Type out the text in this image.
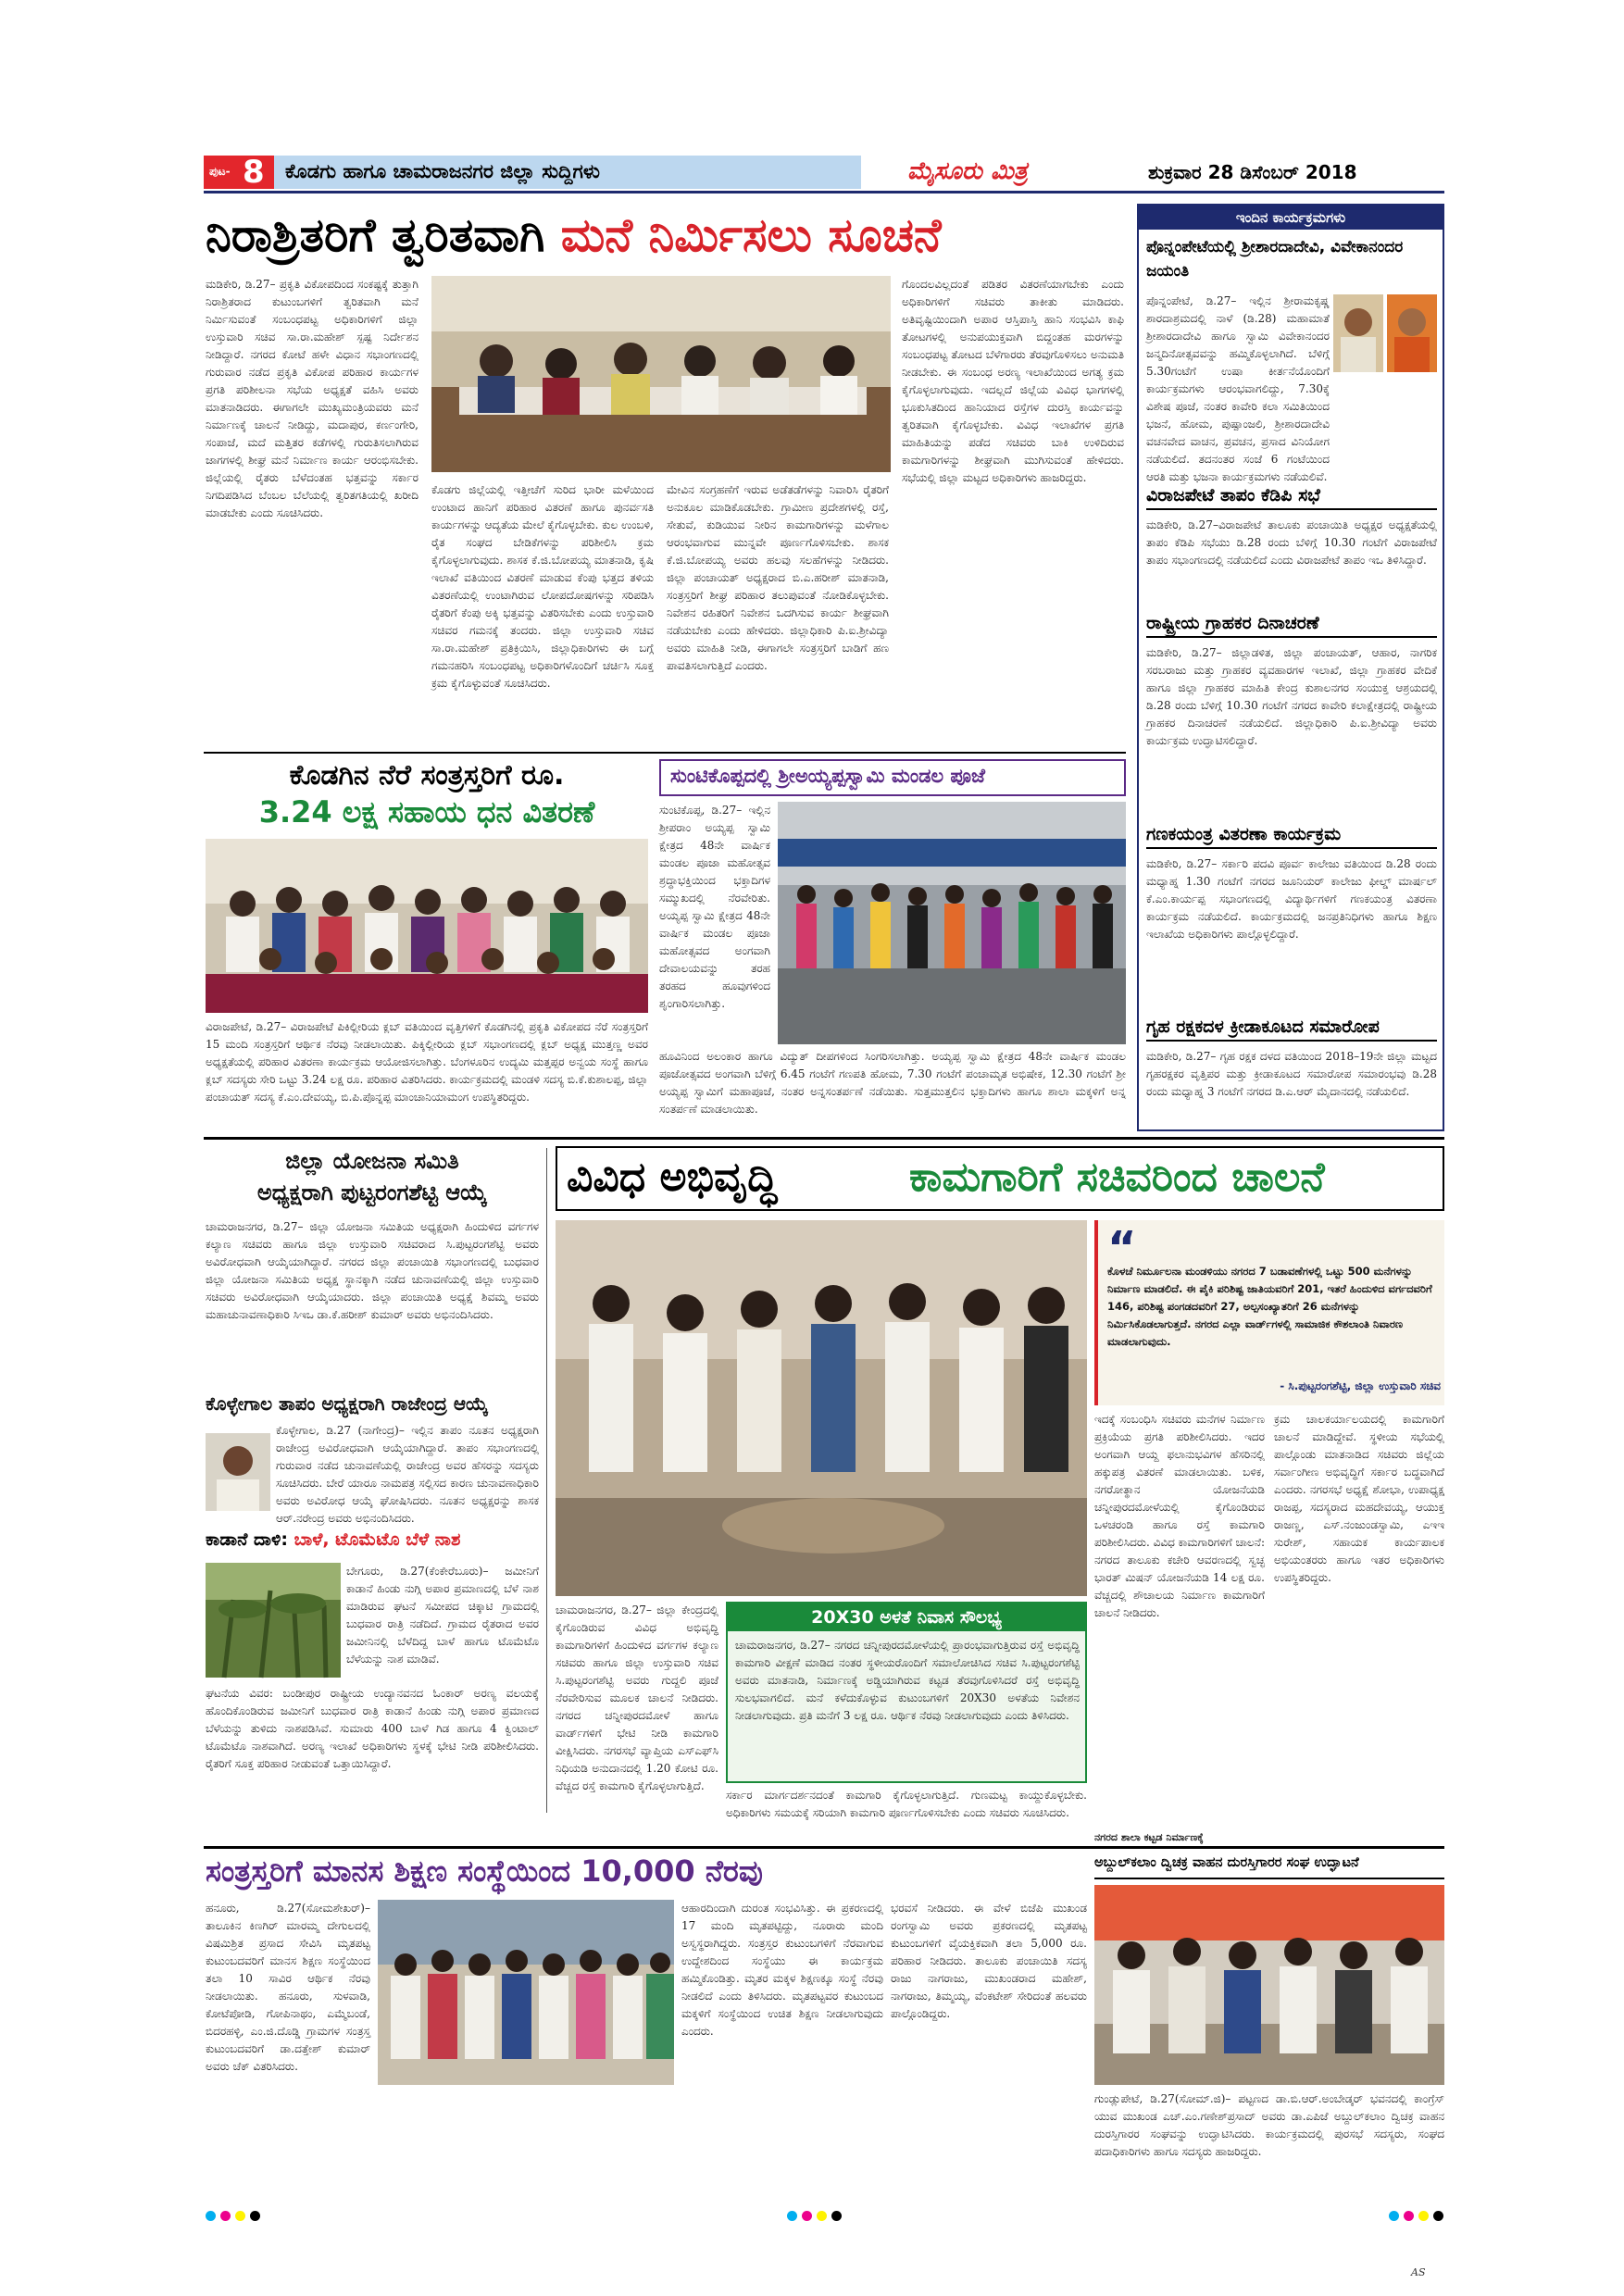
ಪುಟ- 8 ಕೊಡಗು ಹಾಗೂ ಚಾಮರಾಜನಗರ ಜಿಲ್ಲಾ ಸುದ್ದಿಗಳು	ಮೈಸೂರು ಮಿತ್ರ	ಶುಕ್ರವಾರ 28 ಡಿಸೆಂಬರ್ 2018
ನಿರಾಶ್ರಿತರಿಗೆ ತ್ವರಿತವಾಗಿ ಮನೆ ನಿರ್ಮಿಸಲು ಸೂಚನೆ
ಮಡಿಕೇರಿ, ಡಿ.27– ಪ್ರಕೃತಿ ವಿಕೋಪದಿಂದ ಸಂಕಷ್ಟಕ್ಕೆ ತುತ್ತಾಗಿ ನಿರಾಶ್ರಿತರಾದ ಕುಟುಂಬಗಳಿಗೆ ತ್ವರಿತವಾಗಿ ಮನೆ ನಿರ್ಮಿಸುವಂತೆ ಸಂಬಂಧಪಟ್ಟ ಅಧಿಕಾರಿಗಳಿಗೆ ಜಿಲ್ಲಾ ಉಸ್ತುವಾರಿ ಸಚಿವ ಸಾ.ರಾ.ಮಹೇಶ್ ಸ್ಪಷ್ಟ ನಿರ್ದೇಶನ ನೀಡಿದ್ದಾರೆ. ನಗರದ ಕೋಟೆ ಹಳೇ ವಿಧಾನ ಸಭಾಂಗಣದಲ್ಲಿ ಗುರುವಾರ ನಡೆದ ಪ್ರಕೃತಿ ವಿಕೋಪ ಪರಿಹಾರ ಕಾರ್ಯಗಳ ಪ್ರಗತಿ ಪರಿಶೀಲನಾ ಸಭೆಯ ಅಧ್ಯಕ್ಷತೆ ವಹಿಸಿ ಅವರು ಮಾತನಾಡಿದರು. ಈಗಾಗಲೇ ಮುಖ್ಯಮಂತ್ರಿಯವರು ಮನೆ ನಿರ್ಮಾಣಕ್ಕೆ ಚಾಲನೆ ನೀಡಿದ್ದು, ಮದಾಪುರ, ಕರ್ಣಂಗೇರಿ, ಸಂಪಾಜೆ, ಮದೆ ಮತ್ತಿತರ ಕಡೆಗಳಲ್ಲಿ ಗುರುತಿಸಲಾಗಿರುವ ಜಾಗಗಳಲ್ಲಿ ಶೀಘ್ರ ಮನೆ ನಿರ್ಮಾಣ ಕಾರ್ಯ ಆರಂಭಿಸಬೇಕು. ಜಿಲ್ಲೆಯಲ್ಲಿ ರೈತರು ಬೆಳೆದಂತಹ ಭತ್ತವನ್ನು ಸರ್ಕಾರ ನಿಗದಿಪಡಿಸಿದ ಬೆಂಬಲ ಬೆಲೆಯಲ್ಲಿ ತ್ವರಿತಗತಿಯಲ್ಲಿ ಖರೀದಿ ಮಾಡಬೇಕು ಎಂದು ಸೂಚಿಸಿದರು.
ಕೊಡಗು ಜಿಲ್ಲೆಯಲ್ಲಿ ಇತ್ತೀಚೆಗೆ ಸುರಿದ ಭಾರೀ ಮಳೆಯಿಂದ ಉಂಟಾದ ಹಾನಿಗೆ ಪರಿಹಾರ ವಿತರಣೆ ಹಾಗೂ ಪುನರ್ವಸತಿ ಕಾರ್ಯಗಳನ್ನು ಆದ್ಯತೆಯ ಮೇಲೆ ಕೈಗೊಳ್ಳಬೇಕು. ಕುಲ ಉಂಬಳಿ, ರೈತ ಸಂಘದ ಬೇಡಿಕೆಗಳನ್ನು ಪರಿಶೀಲಿಸಿ ಕ್ರಮ ಕೈಗೊಳ್ಳಲಾಗುವುದು. ಶಾಸಕ ಕೆ.ಜಿ.ಬೋಪಯ್ಯ ಮಾತನಾಡಿ, ಕೃಷಿ ಇಲಾಖೆ ವತಿಯಿಂದ ವಿತರಣೆ ಮಾಡುವ ಕೆಂಪು ಭತ್ತದ ತಳಿಯ ವಿತರಣೆಯಲ್ಲಿ ಉಂಟಾಗಿರುವ ಲೋಪದೋಷಗಳನ್ನು ಸರಿಪಡಿಸಿ ರೈತರಿಗೆ ಕೆಂಪು ಅಕ್ಕಿ ಭತ್ತವನ್ನು ವಿತರಿಸಬೇಕು ಎಂದು ಉಸ್ತುವಾರಿ ಸಚಿವರ ಗಮನಕ್ಕೆ ತಂದರು. ಜಿಲ್ಲಾ ಉಸ್ತುವಾರಿ ಸಚಿವ ಸಾ.ರಾ.ಮಹೇಶ್ ಪ್ರತಿಕ್ರಿಯಿಸಿ, ಜಿಲ್ಲಾಧಿಕಾರಿಗಳು ಈ ಬಗ್ಗೆ ಗಮನಹರಿಸಿ ಸಂಬಂಧಪಟ್ಟ ಅಧಿಕಾರಿಗಳೊಂದಿಗೆ ಚರ್ಚಿಸಿ ಸೂಕ್ತ ಕ್ರಮ ಕೈಗೊಳ್ಳುವಂತೆ ಸೂಚಿಸಿದರು.
ಮೇವಿನ ಸಂಗ್ರಹಣೆಗೆ ಇರುವ ಅಡೆತಡೆಗಳನ್ನು ನಿವಾರಿಸಿ ರೈತರಿಗೆ ಅನುಕೂಲ ಮಾಡಿಕೊಡಬೇಕು. ಗ್ರಾಮೀಣ ಪ್ರದೇಶಗಳಲ್ಲಿ ರಸ್ತೆ, ಸೇತುವೆ, ಕುಡಿಯುವ ನೀರಿನ ಕಾಮಗಾರಿಗಳನ್ನು ಮಳೆಗಾಲ ಆರಂಭವಾಗುವ ಮುನ್ನವೇ ಪೂರ್ಣಗೊಳಿಸಬೇಕು. ಶಾಸಕ ಕೆ.ಜಿ.ಬೋಪಯ್ಯ ಅವರು ಹಲವು ಸಲಹೆಗಳನ್ನು ನೀಡಿದರು. ಜಿಲ್ಲಾ ಪಂಚಾಯತ್ ಅಧ್ಯಕ್ಷರಾದ ಬಿ.ಎ.ಹರೀಶ್ ಮಾತನಾಡಿ, ಸಂತ್ರಸ್ತರಿಗೆ ಶೀಘ್ರ ಪರಿಹಾರ ತಲುಪುವಂತೆ ನೋಡಿಕೊಳ್ಳಬೇಕು. ನಿವೇಶನ ರಹಿತರಿಗೆ ನಿವೇಶನ ಒದಗಿಸುವ ಕಾರ್ಯ ಶೀಘ್ರವಾಗಿ ನಡೆಯಬೇಕು ಎಂದು ಹೇಳಿದರು. ಜಿಲ್ಲಾಧಿಕಾರಿ ಪಿ.ಐ.ಶ್ರೀವಿದ್ಯಾ ಅವರು ಮಾಹಿತಿ ನೀಡಿ, ಈಗಾಗಲೇ ಸಂತ್ರಸ್ತರಿಗೆ ಬಾಡಿಗೆ ಹಣ ಪಾವತಿಸಲಾಗುತ್ತಿದೆ ಎಂದರು.
ಗೊಂದಲವಿಲ್ಲದಂತೆ ಪಡಿತರ ವಿತರಣೆಯಾಗಬೇಕು ಎಂದು ಅಧಿಕಾರಿಗಳಿಗೆ ಸಚಿವರು ತಾಕೀತು ಮಾಡಿದರು. ಅತಿವೃಷ್ಟಿಯಿಂದಾಗಿ ಅಪಾರ ಆಸ್ತಿಪಾಸ್ತಿ ಹಾನಿ ಸಂಭವಿಸಿ ಕಾಫಿ ತೋಟಗಳಲ್ಲಿ ಅನುಪಯುಕ್ತವಾಗಿ ಬಿದ್ದಂತಹ ಮರಗಳನ್ನು ಸಂಬಂಧಪಟ್ಟ ತೋಟದ ಬೆಳೆಗಾರರು ತೆರವುಗೊಳಿಸಲು ಅನುಮತಿ ನೀಡಬೇಕು. ಈ ಸಂಬಂಧ ಅರಣ್ಯ ಇಲಾಖೆಯಿಂದ ಅಗತ್ಯ ಕ್ರಮ ಕೈಗೊಳ್ಳಲಾಗುವುದು. ಇದಲ್ಲದೆ ಜಿಲ್ಲೆಯ ವಿವಿಧ ಭಾಗಗಳಲ್ಲಿ ಭೂಕುಸಿತದಿಂದ ಹಾನಿಯಾದ ರಸ್ತೆಗಳ ದುರಸ್ತಿ ಕಾರ್ಯವನ್ನು ತ್ವರಿತವಾಗಿ ಕೈಗೊಳ್ಳಬೇಕು. ವಿವಿಧ ಇಲಾಖೆಗಳ ಪ್ರಗತಿ ಮಾಹಿತಿಯನ್ನು ಪಡೆದ ಸಚಿವರು ಬಾಕಿ ಉಳಿದಿರುವ ಕಾಮಗಾರಿಗಳನ್ನು ಶೀಘ್ರವಾಗಿ ಮುಗಿಸುವಂತೆ ಹೇಳಿದರು. ಸಭೆಯಲ್ಲಿ ಜಿಲ್ಲಾ ಮಟ್ಟದ ಅಧಿಕಾರಿಗಳು ಹಾಜರಿದ್ದರು.
ಇಂದಿನ ಕಾರ್ಯಕ್ರಮಗಳು
ಪೊನ್ನಂಪೇಟೆಯಲ್ಲಿ ಶ್ರೀಶಾರದಾದೇವಿ, ವಿವೇಕಾನಂದರ ಜಯಂತಿ
ಪೊನ್ನಂಪೇಟೆ, ಡಿ.27– ಇಲ್ಲಿನ ಶ್ರೀರಾಮಕೃಷ್ಣ ಶಾರದಾಶ್ರಮದಲ್ಲಿ ನಾಳೆ (ಡಿ.28) ಮಹಾಮಾತೆ ಶ್ರೀಶಾರದಾದೇವಿ ಹಾಗೂ ಸ್ವಾಮಿ ವಿವೇಕಾನಂದರ ಜನ್ಮದಿನೋತ್ಸವವನ್ನು ಹಮ್ಮಿಕೊಳ್ಳಲಾಗಿದೆ. ಬೆಳಿಗ್ಗೆ 5.30ಗಂಟೆಗೆ ಉಷಾ ಕೀರ್ತನೆಯೊಂದಿಗೆ ಕಾರ್ಯಕ್ರಮಗಳು ಆರಂಭವಾಗಲಿದ್ದು, 7.30ಕ್ಕೆ ವಿಶೇಷ ಪೂಜೆ, ನಂತರ ಕಾವೇರಿ ಕಲಾ ಸಮಿತಿಯಿಂದ ಭಜನೆ, ಹೋಮ, ಪುಷ್ಪಾಂಜಲಿ, ಶ್ರೀಶಾರದಾದೇವಿ ವಚನವೇದ ವಾಚನ, ಪ್ರವಚನ, ಪ್ರಸಾದ ವಿನಿಯೋಗ ನಡೆಯಲಿದೆ. ತದನಂತರ ಸಂಜೆ 6 ಗಂಟೆಯಿಂದ ಆರತಿ ಮತ್ತು ಭಜನಾ ಕಾರ್ಯಕ್ರಮಗಳು ನಡೆಯಲಿವೆ.
ವಿರಾಜಪೇಟೆ ತಾಪಂ ಕೆಡಿಪಿ ಸಭೆ
ಮಡಿಕೇರಿ, ಡಿ.27–ವಿರಾಜಪೇಟೆ ತಾಲೂಕು ಪಂಚಾಯಿತಿ ಅಧ್ಯಕ್ಷರ ಅಧ್ಯಕ್ಷತೆಯಲ್ಲಿ ತಾಪಂ ಕೆಡಿಪಿ ಸಭೆಯು ಡಿ.28 ರಂದು ಬೆಳಿಗ್ಗೆ 10.30 ಗಂಟೆಗೆ ವಿರಾಜಪೇಟೆ ತಾಪಂ ಸಭಾಂಗಣದಲ್ಲಿ ನಡೆಯಲಿದೆ ಎಂದು ವಿರಾಜಪೇಟೆ ತಾಪಂ ಇಒ ತಿಳಿಸಿದ್ದಾರೆ.
ರಾಷ್ಟ್ರೀಯ ಗ್ರಾಹಕರ ದಿನಾಚರಣೆ
ಮಡಿಕೇರಿ, ಡಿ.27– ಜಿಲ್ಲಾಡಳಿತ, ಜಿಲ್ಲಾ ಪಂಚಾಯತ್, ಆಹಾರ, ನಾಗರಿಕ ಸರಬರಾಜು ಮತ್ತು ಗ್ರಾಹಕರ ವ್ಯವಹಾರಗಳ ಇಲಾಖೆ, ಜಿಲ್ಲಾ ಗ್ರಾಹಕರ ವೇದಿಕೆ ಹಾಗೂ ಜಿಲ್ಲಾ ಗ್ರಾಹಕರ ಮಾಹಿತಿ ಕೇಂದ್ರ ಕುಶಾಲನಗರ ಸಂಯುಕ್ತ ಆಶ್ರಯದಲ್ಲಿ ಡಿ.28 ರಂದು ಬೆಳಿಗ್ಗೆ 10.30 ಗಂಟೆಗೆ ನಗರದ ಕಾವೇರಿ ಕಲಾಕ್ಷೇತ್ರದಲ್ಲಿ ರಾಷ್ಟ್ರೀಯ ಗ್ರಾಹಕರ ದಿನಾಚರಣೆ ನಡೆಯಲಿದೆ. ಜಿಲ್ಲಾಧಿಕಾರಿ ಪಿ.ಐ.ಶ್ರೀವಿದ್ಯಾ ಅವರು ಕಾರ್ಯಕ್ರಮ ಉದ್ಘಾಟಿಸಲಿದ್ದಾರೆ.
ಗಣಕಯಂತ್ರ ವಿತರಣಾ ಕಾರ್ಯಕ್ರಮ
ಮಡಿಕೇರಿ, ಡಿ.27– ಸರ್ಕಾರಿ ಪದವಿ ಪೂರ್ವ ಕಾಲೇಜು ವತಿಯಿಂದ ಡಿ.28 ರಂದು ಮಧ್ಯಾಹ್ನ 1.30 ಗಂಟೆಗೆ ನಗರದ ಜೂನಿಯರ್ ಕಾಲೇಜು ಫೀಲ್ಡ್ ಮಾರ್ಷಲ್ ಕೆ.ಎಂ.ಕಾರ್ಯಪ್ಪ ಸಭಾಂಗಣದಲ್ಲಿ ವಿದ್ಯಾರ್ಥಿಗಳಿಗೆ ಗಣಕಯಂತ್ರ ವಿತರಣಾ ಕಾರ್ಯಕ್ರಮ ನಡೆಯಲಿದೆ. ಕಾರ್ಯಕ್ರಮದಲ್ಲಿ ಜನಪ್ರತಿನಿಧಿಗಳು ಹಾಗೂ ಶಿಕ್ಷಣ ಇಲಾಖೆಯ ಅಧಿಕಾರಿಗಳು ಪಾಲ್ಗೊಳ್ಳಲಿದ್ದಾರೆ.
ಗೃಹ ರಕ್ಷಕದಳ ಕ್ರೀಡಾಕೂಟದ ಸಮಾರೋಪ
ಮಡಿಕೇರಿ, ಡಿ.27– ಗೃಹ ರಕ್ಷಕ ದಳದ ವತಿಯಿಂದ 2018–19ನೇ ಜಿಲ್ಲಾ ಮಟ್ಟದ ಗೃಹರಕ್ಷಕರ ವೃತ್ತಿಪರ ಮತ್ತು ಕ್ರೀಡಾಕೂಟದ ಸಮಾರೋಪ ಸಮಾರಂಭವು ಡಿ.28 ರಂದು ಮಧ್ಯಾಹ್ನ 3 ಗಂಟೆಗೆ ನಗರದ ಡಿ.ಎ.ಆರ್ ಮೈದಾನದಲ್ಲಿ ನಡೆಯಲಿದೆ.
ಕೊಡಗಿನ ನೆರೆ ಸಂತ್ರಸ್ತರಿಗೆ ರೂ.
3.24 ಲಕ್ಷ ಸಹಾಯ ಧನ ವಿತರಣೆ
ವಿರಾಜಪೇಟೆ, ಡಿ.27– ವಿರಾಜಪೇಟೆ ಪಿಕಿಲ್ಲೀರಿಯ ಕ್ಲಬ್ ವತಿಯಿಂದ ವೃತ್ತಿಗಳಿಗೆ ಕೊಡಗಿನಲ್ಲಿ ಪ್ರಕೃತಿ ವಿಕೋಪದ ನೆರೆ ಸಂತ್ರಸ್ತರಿಗೆ 15 ಮಂದಿ ಸಂತ್ರಸ್ತರಿಗೆ ಆರ್ಥಿಕ ನೆರವು ನೀಡಲಾಯಿತು. ಪಿಕ್ಕಿಲ್ಲೀರಿಯ ಕ್ಲಬ್ ಸಭಾಂಗಣದಲ್ಲಿ ಕ್ಲಬ್ ಅಧ್ಯಕ್ಷ ಮುತ್ತಣ್ಣ ಅವರ ಅಧ್ಯಕ್ಷತೆಯಲ್ಲಿ ಪರಿಹಾರ ವಿತರಣಾ ಕಾರ್ಯಕ್ರಮ ಆಯೋಜಿಸಲಾಗಿತ್ತು. ಬೆಂಗಳೂರಿನ ಉದ್ಯಮಿ ಮತ್ತಪ್ಪರ ಅನ್ವಯ ಸಂಸ್ಥೆ ಹಾಗೂ ಕ್ಲಬ್ ಸದಸ್ಯರು ಸೇರಿ ಒಟ್ಟು 3.24 ಲಕ್ಷ ರೂ. ಪರಿಹಾರ ವಿತರಿಸಿದರು. ಕಾರ್ಯಕ್ರಮದಲ್ಲಿ ಮಂಡಳಿ ಸದಸ್ಯ ಬಿ.ಕೆ.ಕುಶಾಲಪ್ಪ, ಜಿಲ್ಲಾ ಪಂಚಾಯತ್ ಸದಸ್ಯ ಕೆ.ಎಂ.ದೇವಯ್ಯ, ಬಿ.ಪಿ.ಪೊನ್ನಪ್ಪ ಮಾಂಚಾನಿಯಾಮಂಗ ಉಪಸ್ಥಿತರಿದ್ದರು.
ಸುಂಟಿಕೊಪ್ಪದಲ್ಲಿ ಶ್ರೀಅಯ್ಯಪ್ಪಸ್ವಾಮಿ ಮಂಡಲ ಪೂಜೆ
ಸುಂಟಿಕೊಪ್ಪ, ಡಿ.27– ಇಲ್ಲಿನ ಶ್ರೀಪರಾಂ ಅಯ್ಯಪ್ಪ ಸ್ವಾಮಿ ಕ್ಷೇತ್ರದ 48ನೇ ವಾರ್ಷಿಕ ಮಂಡಲ ಪೂಜಾ ಮಹೋತ್ಸವ ಶ್ರದ್ಧಾಭಕ್ತಿಯಿಂದ ಭಕ್ತಾದಿಗಳ ಸಮ್ಮುಖದಲ್ಲಿ ನೆರವೇರಿತು. ಅಯ್ಯಪ್ಪ ಸ್ವಾಮಿ ಕ್ಷೇತ್ರದ 48ನೇ ವಾರ್ಷಿಕ ಮಂಡಲ ಪೂಜಾ ಮಹೋತ್ಸವದ ಅಂಗವಾಗಿ ದೇವಾಲಯವನ್ನು ತರಹ ತರಹದ ಹೂವುಗಳಿಂದ ಶೃಂಗಾರಿಸಲಾಗಿತ್ತು.
ಹೂವಿನಿಂದ ಅಲಂಕಾರ ಹಾಗೂ ವಿದ್ಯುತ್ ದೀಪಗಳಿಂದ ಸಿಂಗರಿಸಲಾಗಿತ್ತು. ಅಯ್ಯಪ್ಪ ಸ್ವಾಮಿ ಕ್ಷೇತ್ರದ 48ನೇ ವಾರ್ಷಿಕ ಮಂಡಲ ಪೂಜೋತ್ಸವದ ಅಂಗವಾಗಿ ಬೆಳಿಗ್ಗೆ 6.45 ಗಂಟೆಗೆ ಗಣಪತಿ ಹೋಮ, 7.30 ಗಂಟೆಗೆ ಪಂಚಾಮೃತ ಅಭಿಷೇಕ, 12.30 ಗಂಟೆಗೆ ಶ್ರೀ ಅಯ್ಯಪ್ಪ ಸ್ವಾಮಿಗೆ ಮಹಾಪೂಜೆ, ನಂತರ ಅನ್ನಸಂತರ್ಪಣೆ ನಡೆಯಿತು. ಸುತ್ತಮುತ್ತಲಿನ ಭಕ್ತಾದಿಗಳು ಹಾಗೂ ಶಾಲಾ ಮಕ್ಕಳಿಗೆ ಅನ್ನ ಸಂತರ್ಪಣೆ ಮಾಡಲಾಯಿತು.
ಜಿಲ್ಲಾ ಯೋಜನಾ ಸಮಿತಿ
ಅಧ್ಯಕ್ಷರಾಗಿ ಪುಟ್ಟರಂಗಶೆಟ್ಟಿ ಆಯ್ಕೆ
ಚಾಮರಾಜನಗರ, ಡಿ.27– ಜಿಲ್ಲಾ ಯೋಜನಾ ಸಮಿತಿಯ ಅಧ್ಯಕ್ಷರಾಗಿ ಹಿಂದುಳಿದ ವರ್ಗಗಳ ಕಲ್ಯಾಣ ಸಚಿವರು ಹಾಗೂ ಜಿಲ್ಲಾ ಉಸ್ತುವಾರಿ ಸಚಿವರಾದ ಸಿ.ಪುಟ್ಟರಂಗಶೆಟ್ಟಿ ಅವರು ಅವಿರೋಧವಾಗಿ ಆಯ್ಕೆಯಾಗಿದ್ದಾರೆ. ನಗರದ ಜಿಲ್ಲಾ ಪಂಚಾಯಿತಿ ಸಭಾಂಗಣದಲ್ಲಿ ಬುಧವಾರ ಜಿಲ್ಲಾ ಯೋಜನಾ ಸಮಿತಿಯ ಅಧ್ಯಕ್ಷ ಸ್ಥಾನಕ್ಕಾಗಿ ನಡೆದ ಚುನಾವಣೆಯಲ್ಲಿ ಜಿಲ್ಲಾ ಉಸ್ತುವಾರಿ ಸಚಿವರು ಅವಿರೋಧವಾಗಿ ಆಯ್ಕೆಯಾದರು. ಜಿಲ್ಲಾ ಪಂಚಾಯಿತಿ ಅಧ್ಯಕ್ಷೆ ಶಿವಮ್ಮ ಅವರು ಮಹಾಚುನಾವಣಾಧಿಕಾರಿ ಸಿಇಒ ಡಾ.ಕೆ.ಹರೀಶ್ ಕುಮಾರ್ ಅವರು ಅಭಿನಂದಿಸಿದರು.
ಕೊಳ್ಳೇಗಾಲ ತಾಪಂ ಅಧ್ಯಕ್ಷರಾಗಿ ರಾಜೇಂದ್ರ ಆಯ್ಕೆ
ಕೊಳ್ಳೇಗಾಲ, ಡಿ.27 (ನಾಗೇಂದ್ರ)– ಇಲ್ಲಿನ ತಾಪಂ ನೂತನ ಅಧ್ಯಕ್ಷರಾಗಿ ರಾಜೇಂದ್ರ ಅವಿರೋಧವಾಗಿ ಆಯ್ಕೆಯಾಗಿದ್ದಾರೆ. ತಾಪಂ ಸಭಾಂಗಣದಲ್ಲಿ ಗುರುವಾರ ನಡೆದ ಚುನಾವಣೆಯಲ್ಲಿ ರಾಜೇಂದ್ರ ಅವರ ಹೆಸರನ್ನು ಸದಸ್ಯರು ಸೂಚಿಸಿದರು. ಬೇರೆ ಯಾರೂ ನಾಮಪತ್ರ ಸಲ್ಲಿಸದ ಕಾರಣ ಚುನಾವಣಾಧಿಕಾರಿ ಅವರು ಅವಿರೋಧ ಆಯ್ಕೆ ಘೋಷಿಸಿದರು. ನೂತನ ಅಧ್ಯಕ್ಷರನ್ನು ಶಾಸಕ ಆರ್.ನರೇಂದ್ರ ಅವರು ಅಭಿನಂದಿಸಿದರು.
ಕಾಡಾನೆ ದಾಳಿ: ಬಾಳೆ, ಟೊಮೆಟೊ ಬೆಳೆ ನಾಶ
ಬೇಗೂರು, ಡಿ.27(ಕೆಂಕೇರೆಬೂರು)– ಜಮೀನಿಗೆ ಕಾಡಾನೆ ಹಿಂಡು ನುಗ್ಗಿ ಅಪಾರ ಪ್ರಮಾಣದಲ್ಲಿ ಬೆಳೆ ನಾಶ ಮಾಡಿರುವ ಘಟನೆ ಸಮೀಪದ ಚಿಕ್ಕಾಟಿ ಗ್ರಾಮದಲ್ಲಿ ಬುಧವಾರ ರಾತ್ರಿ ನಡೆದಿದೆ. ಗ್ರಾಮದ ರೈತರಾದ ಅವರ ಜಮೀನಿನಲ್ಲಿ ಬೆಳೆದಿದ್ದ ಬಾಳೆ ಹಾಗೂ ಟೊಮೆಟೊ ಬೆಳೆಯನ್ನು ನಾಶ ಮಾಡಿವೆ.
ಘಟನೆಯ ವಿವರ: ಬಂಡೀಪುರ ರಾಷ್ಟ್ರೀಯ ಉದ್ಯಾನವನದ ಓಂಕಾರ್ ಅರಣ್ಯ ವಲಯಕ್ಕೆ ಹೊಂದಿಕೊಂಡಿರುವ ಜಮೀನಿಗೆ ಬುಧವಾರ ರಾತ್ರಿ ಕಾಡಾನೆ ಹಿಂಡು ನುಗ್ಗಿ ಅಪಾರ ಪ್ರಮಾಣದ ಬೆಳೆಯನ್ನು ತುಳಿದು ನಾಶಪಡಿಸಿವೆ. ಸುಮಾರು 400 ಬಾಳೆ ಗಿಡ ಹಾಗೂ 4 ಕ್ವಿಂಟಾಲ್ ಟೊಮೆಟೊ ನಾಶವಾಗಿದೆ. ಅರಣ್ಯ ಇಲಾಖೆ ಅಧಿಕಾರಿಗಳು ಸ್ಥಳಕ್ಕೆ ಭೇಟಿ ನೀಡಿ ಪರಿಶೀಲಿಸಿದರು. ರೈತರಿಗೆ ಸೂಕ್ತ ಪರಿಹಾರ ನೀಡುವಂತೆ ಒತ್ತಾಯಿಸಿದ್ದಾರೆ.
ವಿವಿಧ ಅಭಿವೃದ್ಧಿ	ಕಾಮಗಾರಿಗೆ ಸಚಿವರಿಂದ ಚಾಲನೆ
“
ಕೊಳಚೆ ನಿರ್ಮೂಲನಾ ಮಂಡಳಿಯು ನಗರದ 7 ಬಡಾವಣೆಗಳಲ್ಲಿ ಒಟ್ಟು 500 ಮನೆಗಳನ್ನು ನಿರ್ಮಾಣ ಮಾಡಲಿದೆ. ಈ ಪೈಕಿ ಪರಿಶಿಷ್ಟ ಜಾತಿಯವರಿಗೆ 201, ಇತರೆ ಹಿಂದುಳಿದ ವರ್ಗದವರಿಗೆ 146, ಪರಿಶಿಷ್ಟ ಪಂಗಡದವರಿಗೆ 27, ಅಲ್ಪಸಂಖ್ಯಾತರಿಗೆ 26 ಮನೆಗಳನ್ನು ನಿರ್ಮಿಸಿಕೊಡಲಾಗುತ್ತದೆ. ನಗರದ ಎಲ್ಲಾ ವಾರ್ಡ್‌ಗಳಲ್ಲಿ ಸಾಮಾಜಿಕ ಕೌಶಲಾಂತಿ ನಿವಾರಣ ಮಾಡಲಾಗುವುದು.
- ಸಿ.ಪುಟ್ಟರಂಗಶೆಟ್ಟಿ, ಜಿಲ್ಲಾ ಉಸ್ತುವಾರಿ ಸಚಿವ
ಇದಕ್ಕೆ ಸಂಬಂಧಿಸಿ ಸಚಿವರು ಮನೆಗಳ ನಿರ್ಮಾಣ ಪ್ರಕ್ರಿಯೆಯ ಪ್ರಗತಿ ಪರಿಶೀಲಿಸಿದರು. ಇದರ ಅಂಗವಾಗಿ ಆಯ್ದ ಫಲಾನುಭವಿಗಳ ಹೆಸರಿನಲ್ಲಿ ಹಕ್ಕುಪತ್ರ ವಿತರಣೆ ಮಾಡಲಾಯಿತು. ಬಳಿಕ, ನಗರೋತ್ಥಾನ ಯೋಜನೆಯಡಿ ಚನ್ನೀಪುರದಮೋಳೆಯಲ್ಲಿ ಕೈಗೊಂಡಿರುವ ಒಳಚರಂಡಿ ಹಾಗೂ ರಸ್ತೆ ಕಾಮಗಾರಿ ಪರಿಶೀಲಿಸಿದರು. ವಿವಿಧ ಕಾಮಗಾರಿಗಳಿಗೆ ಚಾಲನೆ: ನಗರದ ತಾಲೂಕು ಕಚೇರಿ ಆವರಣದಲ್ಲಿ ಸ್ವಚ್ಛ ಭಾರತ್ ಮಿಷನ್ ಯೋಜನೆಯಡಿ 14 ಲಕ್ಷ ರೂ. ವೆಚ್ಚದಲ್ಲಿ ಶೌಚಾಲಯ ನಿರ್ಮಾಣ ಕಾಮಗಾರಿಗೆ ಚಾಲನೆ ನೀಡಿದರು.
ಕ್ರಮ ಚಾಲಕರ್ಯಾಲಯದಲ್ಲಿ ಕಾಮಗಾರಿಗೆ ಚಾಲನೆ ಮಾಡಿದ್ದೇವೆ. ಸ್ಥಳೀಯ ಸಭೆಯಲ್ಲಿ ಪಾಲ್ಗೊಂಡು ಮಾತನಾಡಿದ ಸಚಿವರು ಜಿಲ್ಲೆಯ ಸರ್ವಾಂಗೀಣ ಅಭಿವೃದ್ಧಿಗೆ ಸರ್ಕಾರ ಬದ್ಧವಾಗಿದೆ ಎಂದರು. ನಗರಸಭೆ ಅಧ್ಯಕ್ಷೆ ಶೋಭಾ, ಉಪಾಧ್ಯಕ್ಷ ರಾಜಪ್ಪ, ಸದಸ್ಯರಾದ ಮಹದೇವಯ್ಯ, ಆಯುಕ್ತ ರಾಜಣ್ಣ, ಎಸ್.ನಂಜುಂಡಸ್ವಾಮಿ, ಎಇಇ ಸುರೇಶ್, ಸಹಾಯಕ ಕಾರ್ಯಪಾಲಕ ಅಭಿಯಂತರರು ಹಾಗೂ ಇತರ ಅಧಿಕಾರಿಗಳು ಉಪಸ್ಥಿತರಿದ್ದರು.
ಚಾಮರಾಜನಗರ, ಡಿ.27– ಜಿಲ್ಲಾ ಕೇಂದ್ರದಲ್ಲಿ ಕೈಗೊಂಡಿರುವ ವಿವಿಧ ಅಭಿವೃದ್ಧಿ ಕಾಮಗಾರಿಗಳಿಗೆ ಹಿಂದುಳಿದ ವರ್ಗಗಳ ಕಲ್ಯಾಣ ಸಚಿವರು ಹಾಗೂ ಜಿಲ್ಲಾ ಉಸ್ತುವಾರಿ ಸಚಿವ ಸಿ.ಪುಟ್ಟರಂಗಶೆಟ್ಟಿ ಅವರು ಗುದ್ದಲಿ ಪೂಜೆ ನೆರವೇರಿಸುವ ಮೂಲಕ ಚಾಲನೆ ನೀಡಿದರು. ನಗರದ ಚನ್ನೀಪುರದಮೋಳೆ ಹಾಗೂ ವಾರ್ಡ್‌ಗಳಿಗೆ ಭೇಟಿ ನೀಡಿ ಕಾಮಗಾರಿ ವೀಕ್ಷಿಸಿದರು. ನಗರಸಭೆ ವ್ಯಾಪ್ತಿಯ ಎಸ್‌ಎಫ್‌ಸಿ ನಿಧಿಯಡಿ ಅನುದಾನದಲ್ಲಿ 1.20 ಕೋಟಿ ರೂ. ವೆಚ್ಚದ ರಸ್ತೆ ಕಾಮಗಾರಿ ಕೈಗೊಳ್ಳಲಾಗುತ್ತಿದೆ.
20X30 ಅಳತೆ ನಿವಾಸ ಸೌಲಭ್ಯ
ಚಾಮರಾಜನಗರ, ಡಿ.27– ನಗರದ ಚನ್ನೀಪುರದಮೋಳೆಯಲ್ಲಿ ಪ್ರಾರಂಭವಾಗುತ್ತಿರುವ ರಸ್ತೆ ಅಭಿವೃದ್ಧಿ ಕಾಮಗಾರಿ ವೀಕ್ಷಣೆ ಮಾಡಿದ ನಂತರ ಸ್ಥಳೀಯರೊಂದಿಗೆ ಸಮಾಲೋಚಿಸಿದ ಸಚಿವ ಸಿ.ಪುಟ್ಟರಂಗಶೆಟ್ಟಿ ಅವರು ಮಾತನಾಡಿ, ನಿರ್ಮಾಣಕ್ಕೆ ಅಡ್ಡಿಯಾಗಿರುವ ಕಟ್ಟಡ ತೆರವುಗೊಳಿಸಿದರೆ ರಸ್ತೆ ಅಭಿವೃದ್ಧಿ ಸುಲಭವಾಗಲಿದೆ. ಮನೆ ಕಳೆದುಕೊಳ್ಳುವ ಕುಟುಂಬಗಳಿಗೆ 20X30 ಅಳತೆಯ ನಿವೇಶನ ನೀಡಲಾಗುವುದು. ಪ್ರತಿ ಮನೆಗೆ 3 ಲಕ್ಷ ರೂ. ಆರ್ಥಿಕ ನೆರವು ನೀಡಲಾಗುವುದು ಎಂದು ತಿಳಿಸಿದರು.
ಸರ್ಕಾರ ಮಾರ್ಗದರ್ಶನದಂತೆ ಕಾಮಗಾರಿ ಕೈಗೊಳ್ಳಲಾಗುತ್ತಿದೆ. ಗುಣಮಟ್ಟ ಕಾಯ್ದುಕೊಳ್ಳಬೇಕು. ಅಧಿಕಾರಿಗಳು ಸಮಯಕ್ಕೆ ಸರಿಯಾಗಿ ಕಾಮಗಾರಿ ಪೂರ್ಣಗೊಳಿಸಬೇಕು ಎಂದು ಸಚಿವರು ಸೂಚಿಸಿದರು.
ನಗರದ ಶಾಲಾ ಕಟ್ಟಡ ನಿರ್ಮಾಣಕ್ಕೆ
ಸಂತ್ರಸ್ತರಿಗೆ ಮಾನಸ ಶಿಕ್ಷಣ ಸಂಸ್ಥೆಯಿಂದ 10,000 ನೆರವು
ಹನೂರು, ಡಿ.27(ಸೋಮಶೇಖರ್)– ತಾಲೂಕಿನ ಕಿಣಗಿರ್ ಮಾರಮ್ಮ ದೇಗುಲದಲ್ಲಿ ವಿಷಮಿಶ್ರಿತ ಪ್ರಸಾದ ಸೇವಿಸಿ ಮೃತಪಟ್ಟ ಕುಟುಂಬದವರಿಗೆ ಮಾನಸ ಶಿಕ್ಷಣ ಸಂಸ್ಥೆಯಿಂದ ತಲಾ 10 ಸಾವಿರ ಆರ್ಥಿಕ ನೆರವು ನೀಡಲಾಯಿತು. ಹನೂರು, ಸುಳವಾಡಿ, ಕೋಟೆಪೋಡಿ, ಗೋಪಿನಾಥಂ, ಎಮ್ಮೆಬಂಡೆ, ಬಿದರಹಳ್ಳಿ, ಎಂ.ಜಿ.ದೊಡ್ಡಿ ಗ್ರಾಮಗಳ ಸಂತ್ರಸ್ತ ಕುಟುಂಬದವರಿಗೆ ಡಾ.ದತ್ತೇಶ್ ಕುಮಾರ್ ಅವರು ಚೆಕ್ ವಿತರಿಸಿದರು.
ಆಹಾರದಿಂದಾಗಿ ದುರಂತ ಸಂಭವಿಸಿತ್ತು. ಈ ಪ್ರಕರಣದಲ್ಲಿ 17 ಮಂದಿ ಮೃತಪಟ್ಟಿದ್ದು, ನೂರಾರು ಮಂದಿ ಅಸ್ವಸ್ಥರಾಗಿದ್ದರು. ಸಂತ್ರಸ್ತರ ಕುಟುಂಬಗಳಿಗೆ ನೆರವಾಗುವ ಉದ್ದೇಶದಿಂದ ಸಂಸ್ಥೆಯು ಈ ಕಾರ್ಯಕ್ರಮ ಹಮ್ಮಿಕೊಂಡಿತ್ತು. ಮೃತರ ಮಕ್ಕಳ ಶಿಕ್ಷಣಕ್ಕೂ ಸಂಸ್ಥೆ ನೆರವು ನೀಡಲಿದೆ ಎಂದು ತಿಳಿಸಿದರು. ಮೃತಪಟ್ಟವರ ಕುಟುಂಬದ ಮಕ್ಕಳಿಗೆ ಸಂಸ್ಥೆಯಿಂದ ಉಚಿತ ಶಿಕ್ಷಣ ನೀಡಲಾಗುವುದು ಎಂದರು.
ಭರವಸೆ ನೀಡಿದರು. ಈ ವೇಳೆ ಬಿಜೆಪಿ ಮುಖಂಡ ರಂಗಸ್ವಾಮಿ ಅವರು ಪ್ರಕರಣದಲ್ಲಿ ಮೃತಪಟ್ಟ ಕುಟುಂಬಗಳಿಗೆ ವೈಯಕ್ತಿಕವಾಗಿ ತಲಾ 5,000 ರೂ. ಪರಿಹಾರ ನೀಡಿದರು. ತಾಲೂಕು ಪಂಚಾಯಿತಿ ಸದಸ್ಯ ರಾಜು ನಾಗರಾಜು, ಮುಖಂಡರಾದ ಮಹೇಶ್, ನಾಗರಾಜು, ತಿಮ್ಮಯ್ಯ, ವೆಂಕಟೇಶ್ ಸೇರಿದಂತೆ ಹಲವರು ಪಾಲ್ಗೊಂಡಿದ್ದರು.
ಅಬ್ದುಲ್‌ಕಲಾಂ ದ್ವಿಚಕ್ರ ವಾಹನ ದುರಸ್ತಿಗಾರರ ಸಂಘ ಉದ್ಘಾಟನೆ
ಗುಂಡ್ಲುಪೇಟೆ, ಡಿ.27(ಸೋಮ್.ಜಿ)– ಪಟ್ಟಣದ ಡಾ.ಬಿ.ಆರ್.ಅಂಬೇಡ್ಕರ್ ಭವನದಲ್ಲಿ ಕಾಂಗ್ರೆಸ್ ಯುವ ಮುಖಂಡ ಎಚ್.ಎಂ.ಗಣೇಶ್‌ಪ್ರಸಾದ್ ಅವರು ಡಾ.ಎಪಿಜೆ ಅಬ್ದುಲ್‌ಕಲಾಂ ದ್ವಿಚಕ್ರ ವಾಹನ ದುರಸ್ತಿಗಾರರ ಸಂಘವನ್ನು ಉದ್ಘಾಟಿಸಿದರು. ಕಾರ್ಯಕ್ರಮದಲ್ಲಿ ಪುರಸಭೆ ಸದಸ್ಯರು, ಸಂಘದ ಪದಾಧಿಕಾರಿಗಳು ಹಾಗೂ ಸದಸ್ಯರು ಹಾಜರಿದ್ದರು.
AS
